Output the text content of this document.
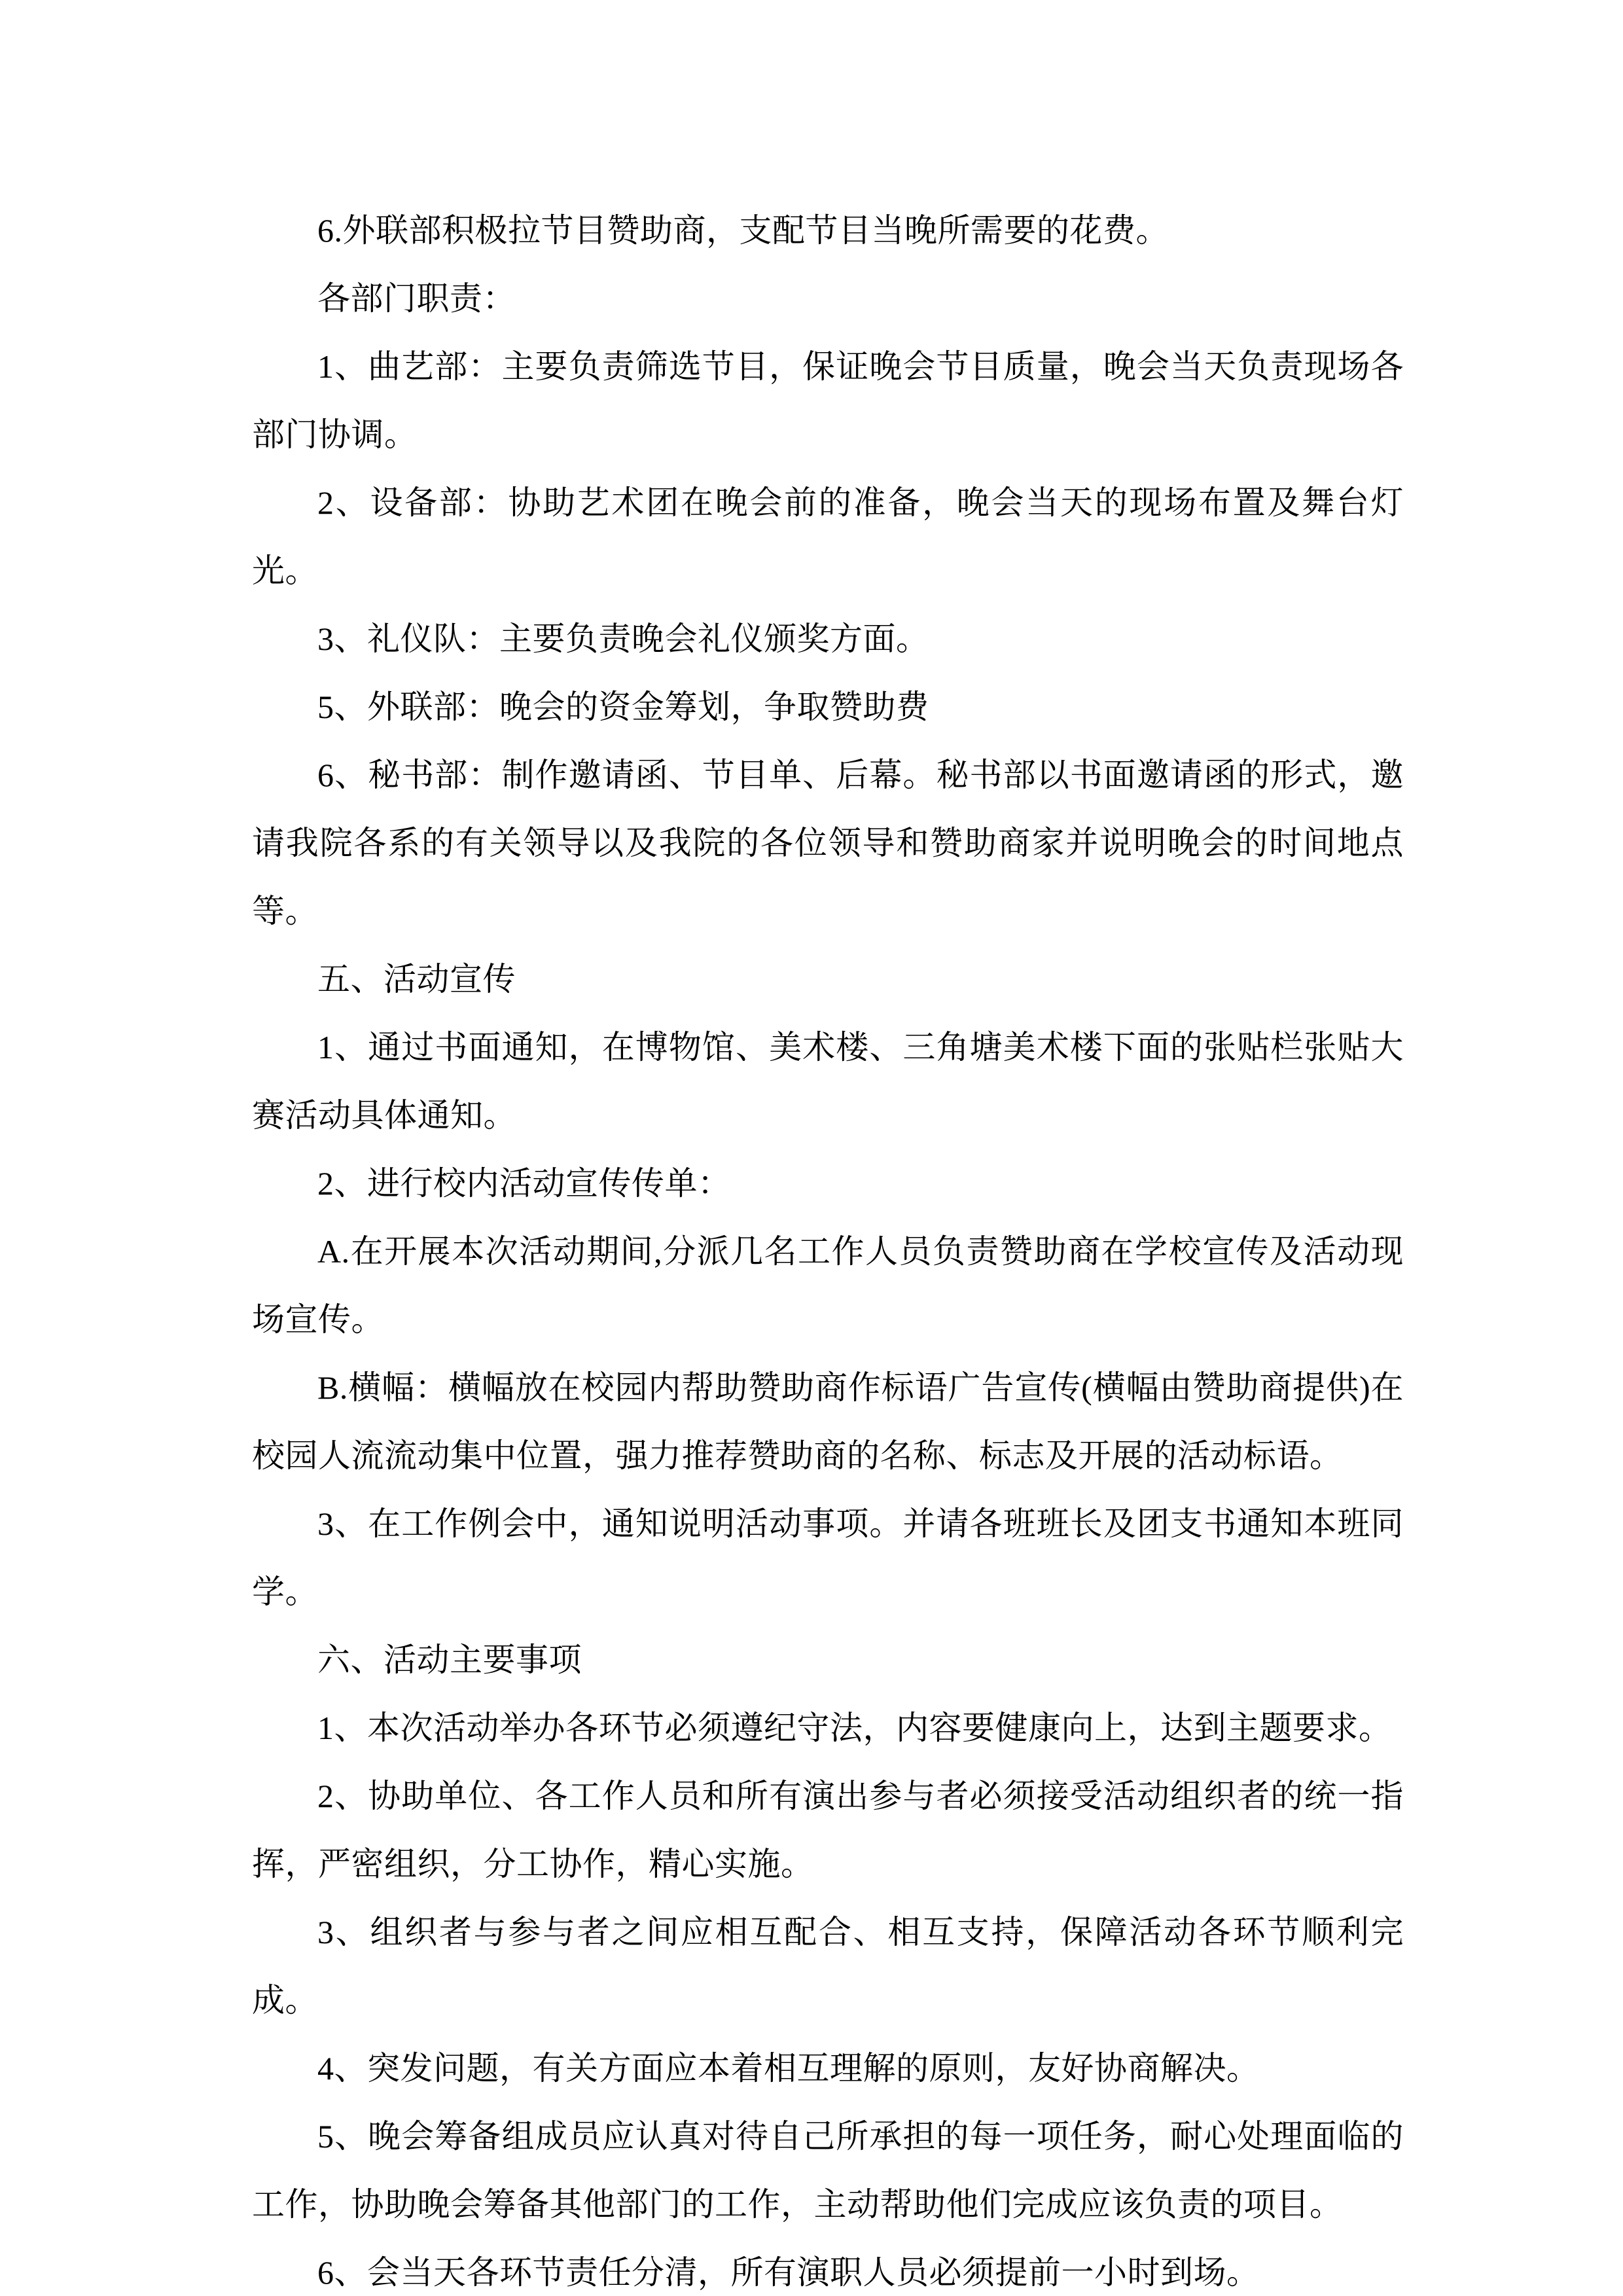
6.外联部积极拉节目赞助商，支配节目当晚所需要的花费。

各部门职责：

1、曲艺部：主要负责筛选节目，保证晚会节目质量，晚会当天负责现场各部门协调。

2、设备部：协助艺术团在晚会前的准备，晚会当天的现场布置及舞台灯光。

3、礼仪队：主要负责晚会礼仪颁奖方面。

5、外联部：晚会的资金筹划，争取赞助费

6、秘书部：制作邀请函、节目单、后幕。秘书部以书面邀请函的形式，邀请我院各系的有关领导以及我院的各位领导和赞助商家并说明晚会的时间地点等。

五、活动宣传

1、通过书面通知，在博物馆、美术楼、三角塘美术楼下面的张贴栏张贴大赛活动具体通知。

2、进行校内活动宣传传单：

A.在开展本次活动期间,分派几名工作人员负责赞助商在学校宣传及活动现场宣传。

B.横幅：横幅放在校园内帮助赞助商作标语广告宣传(横幅由赞助商提供)在校园人流流动集中位置，强力推荐赞助商的名称、标志及开展的活动标语。

3、在工作例会中，通知说明活动事项。并请各班班长及团支书通知本班同学。

六、活动主要事项

1、本次活动举办各环节必须遵纪守法，内容要健康向上，达到主题要求。

2、协助单位、各工作人员和所有演出参与者必须接受活动组织者的统一指挥，严密组织，分工协作，精心实施。

3、组织者与参与者之间应相互配合、相互支持，保障活动各环节顺利完成。

4、突发问题，有关方面应本着相互理解的原则，友好协商解决。

5、晚会筹备组成员应认真对待自己所承担的每一项任务，耐心处理面临的工作，协助晚会筹备其他部门的工作，主动帮助他们完成应该负责的项目。

6、会当天各环节责任分清，所有演职人员必须提前一小时到场。
